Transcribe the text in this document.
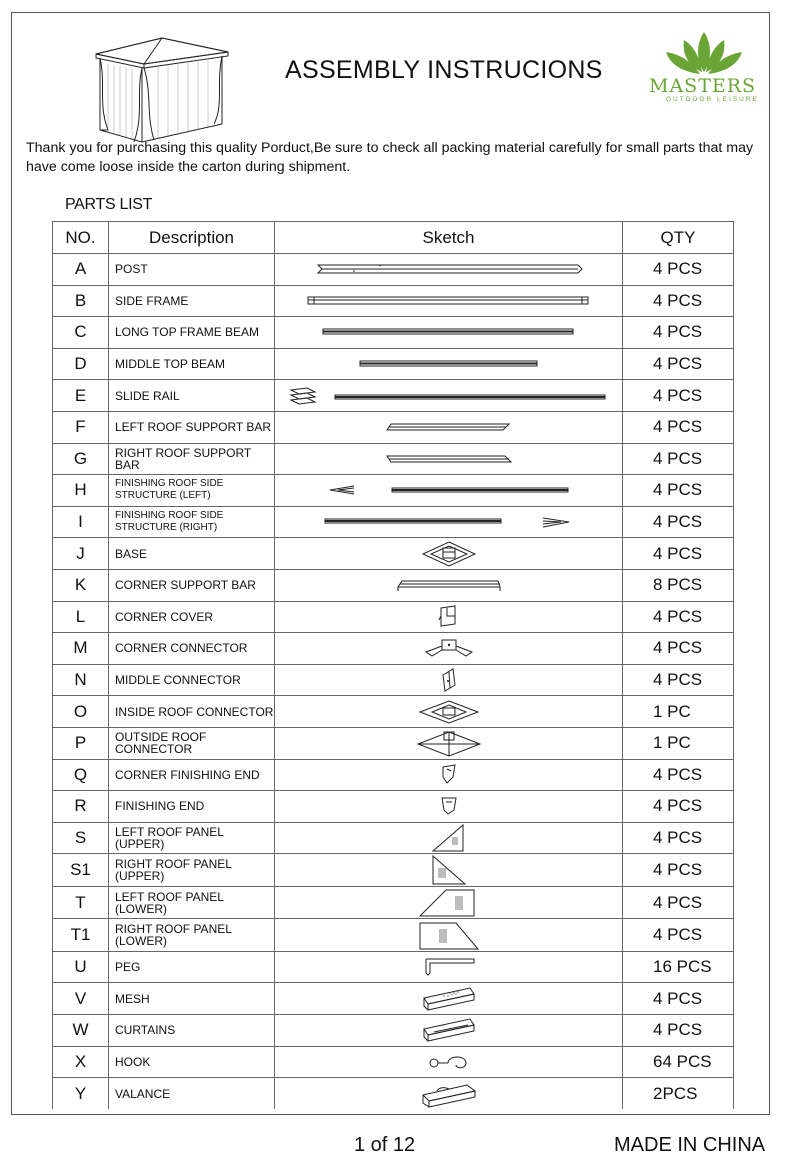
ASSEMBLY INSTRUCIONS
MASTERS
OUTDOOR LEISURE
Thank you for purchasing this quality Porduct,Be sure to check all packing material carefully for small parts that may have come loose inside the carton during shipment.
PARTS LIST
NO.	Description	Sketch	QTY
A	POST		4 PCS
B	SIDE FRAME		4 PCS
C	LONG TOP FRAME BEAM		4 PCS
D	MIDDLE TOP BEAM		4 PCS
E	SLIDE RAIL		4 PCS
F	LEFT ROOF SUPPORT BAR		4 PCS
G	RIGHT ROOF SUPPORT BAR		4 PCS
H	FINISHING ROOF SIDE STRUCTURE (LEFT)		4 PCS
I	FINISHING ROOF SIDE STRUCTURE (RIGHT)		4 PCS
J	BASE		4 PCS
K	CORNER SUPPORT BAR		8 PCS
L	CORNER COVER		4 PCS
M	CORNER CONNECTOR		4 PCS
N	MIDDLE CONNECTOR		4 PCS
O	INSIDE ROOF CONNECTOR		1 PC
P	OUTSIDE ROOF CONNECTOR		1 PC
Q	CORNER FINISHING END		4 PCS
R	FINISHING END		4 PCS
S	LEFT ROOF PANEL (UPPER)		4 PCS
S1	RIGHT ROOF PANEL (UPPER)		4 PCS
T	LEFT ROOF PANEL (LOWER)		4 PCS
T1	RIGHT ROOF PANEL (LOWER)		4 PCS
U	PEG		16 PCS
V	MESH		4 PCS
W	CURTAINS		4 PCS
X	HOOK		64 PCS
Y	VALANCE		2PCS
1 of 12	MADE IN CHINA
